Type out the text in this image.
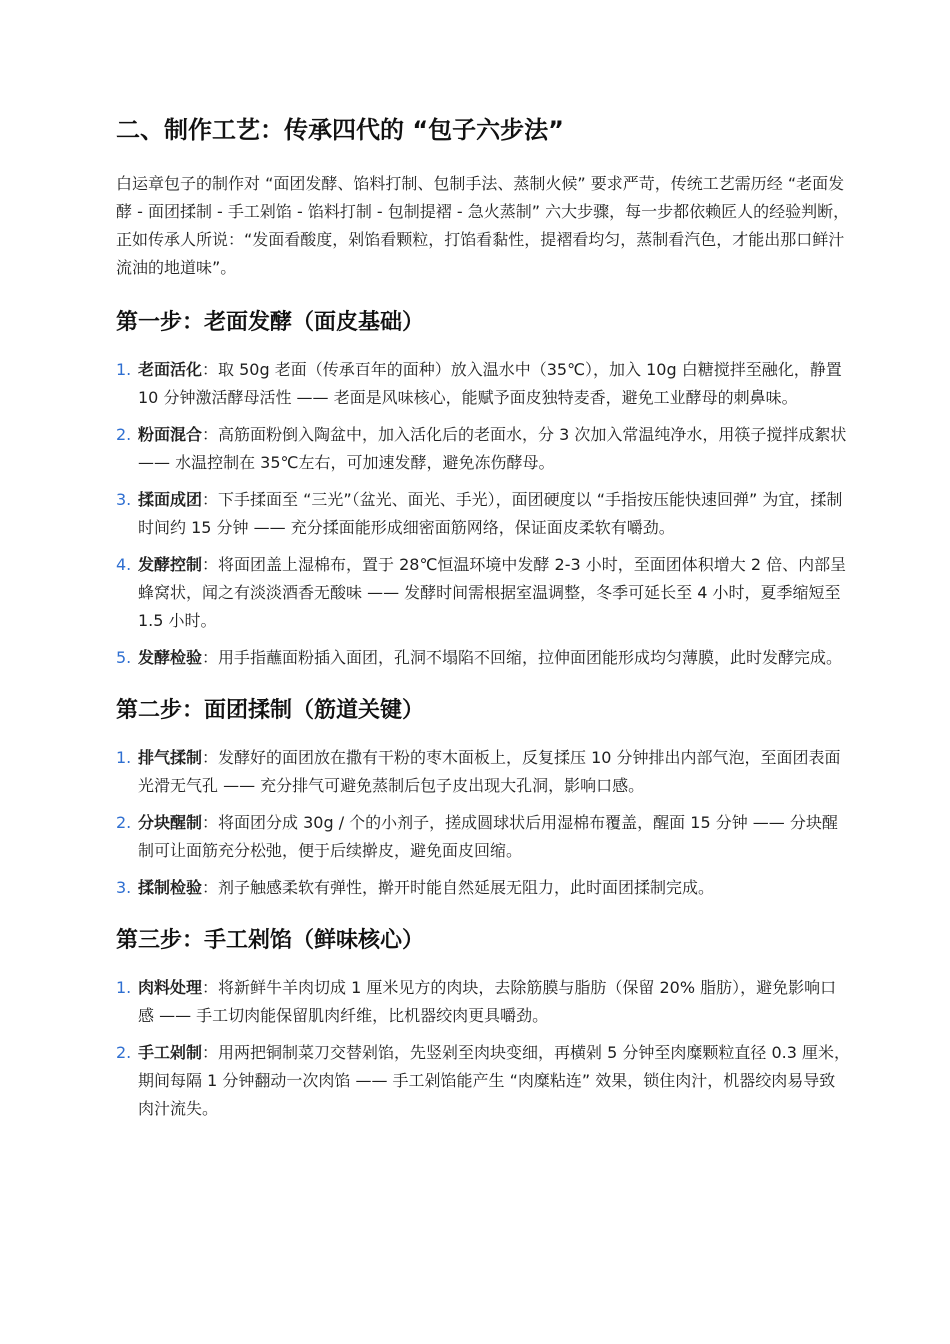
二、制作工艺：传承四代的 “包子六步法”

白运章包子的制作对 “面团发酵、馅料打制、包制手法、蒸制火候” 要求严苛，传统工艺需历经 “老面发酵 - 面团揉制 - 手工剁馅 - 馅料打制 - 包制提褶 - 急火蒸制” 六大步骤，每一步都依赖匠人的经验判断，正如传承人所说：“发面看酸度，剁馅看颗粒，打馅看黏性，提褶看均匀，蒸制看汽色，才能出那口鲜汁流油的地道味”。

第一步：老面发酵（面皮基础）
1. 老面活化：取 50g 老面（传承百年的面种）放入温水中（35℃），加入 10g 白糖搅拌至融化，静置 10 分钟激活酵母活性 —— 老面是风味核心，能赋予面皮独特麦香，避免工业酵母的刺鼻味。
2. 粉面混合：高筋面粉倒入陶盆中，加入活化后的老面水，分 3 次加入常温纯净水，用筷子搅拌成絮状 —— 水温控制在 35℃左右，可加速发酵，避免冻伤酵母。
3. 揉面成团：下手揉面至 “三光”（盆光、面光、手光），面团硬度以 “手指按压能快速回弹” 为宜，揉制时间约 15 分钟 —— 充分揉面能形成细密面筋网络，保证面皮柔软有嚼劲。
4. 发酵控制：将面团盖上湿棉布，置于 28℃恒温环境中发酵 2-3 小时，至面团体积增大 2 倍、内部呈蜂窝状，闻之有淡淡酒香无酸味 —— 发酵时间需根据室温调整，冬季可延长至 4 小时，夏季缩短至 1.5 小时。
5. 发酵检验：用手指蘸面粉插入面团，孔洞不塌陷不回缩，拉伸面团能形成均匀薄膜，此时发酵完成。
第二步：面团揉制（筋道关键）
1. 排气揉制：发酵好的面团放在撒有干粉的枣木面板上，反复揉压 10 分钟排出内部气泡，至面团表面光滑无气孔 —— 充分排气可避免蒸制后包子皮出现大孔洞，影响口感。
2. 分块醒制：将面团分成 30g / 个的小剂子，搓成圆球状后用湿棉布覆盖，醒面 15 分钟 —— 分块醒制可让面筋充分松弛，便于后续擀皮，避免面皮回缩。
3. 揉制检验：剂子触感柔软有弹性，擀开时能自然延展无阻力，此时面团揉制完成。
第三步：手工剁馅（鲜味核心）
1. 肉料处理：将新鲜牛羊肉切成 1 厘米见方的肉块，去除筋膜与脂肪（保留 20% 脂肪），避免影响口感 —— 手工切肉能保留肌肉纤维，比机器绞肉更具嚼劲。
2. 手工剁制：用两把铜制菜刀交替剁馅，先竖剁至肉块变细，再横剁 5 分钟至肉糜颗粒直径 0.3 厘米，期间每隔 1 分钟翻动一次肉馅 —— 手工剁馅能产生 “肉糜粘连” 效果，锁住肉汁，机器绞肉易导致肉汁流失。
